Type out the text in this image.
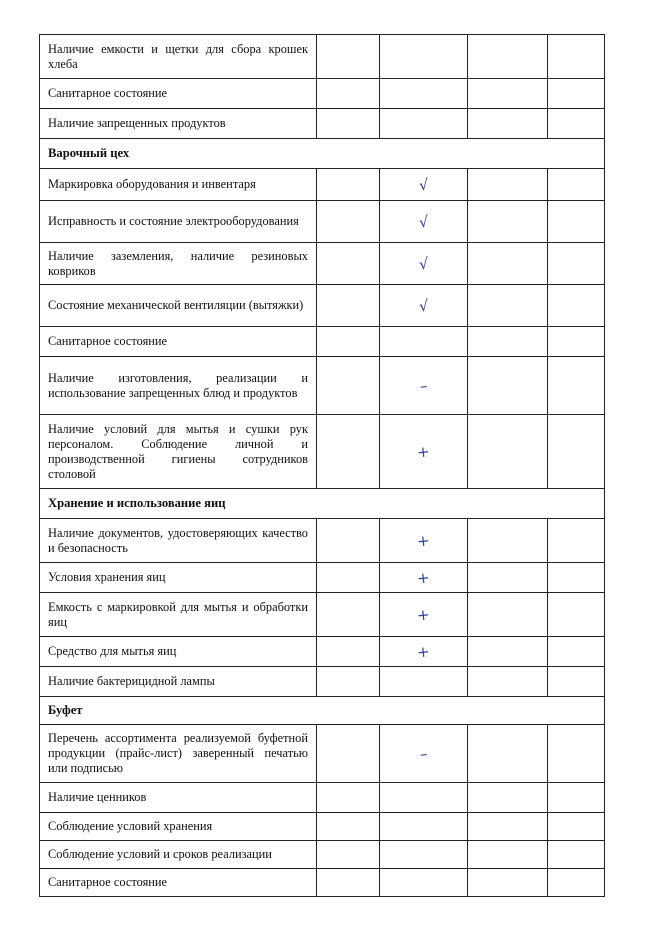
Наличие емкости и щетки для сбора крошек хлеба				
Санитарное состояние				
Наличие запрещенных продуктов				
Варочный цех				
Маркировка оборудования и инвентаря		√		
Исправность и состояние электрооборудования		√		
Наличие заземления, наличие резиновых ковриков		√		
Состояние механической вентиляции (вытяжки)		√		
Санитарное состояние				
Наличие изготовления, реализации и использование запрещенных блюд и продуктов		–		
Наличие условий для мытья и сушки рук персоналом. Соблюдение личной и производственной гигиены сотрудников столовой		+		
Хранение и использование яиц				
Наличие документов, удостоверяющих качество и безопасность		+		
Условия хранения яиц		+		
Емкость с маркировкой для мытья и обработки яиц		+		
Средство для мытья яиц		+		
Наличие бактерицидной лампы				
Буфет				
Перечень ассортимента реализуемой буфетной продукции (прайс-лист) заверенный печатью или подписью		–		
Наличие ценников				
Соблюдение условий хранения				
Соблюдение условий и сроков реализации				
Санитарное состояние				
